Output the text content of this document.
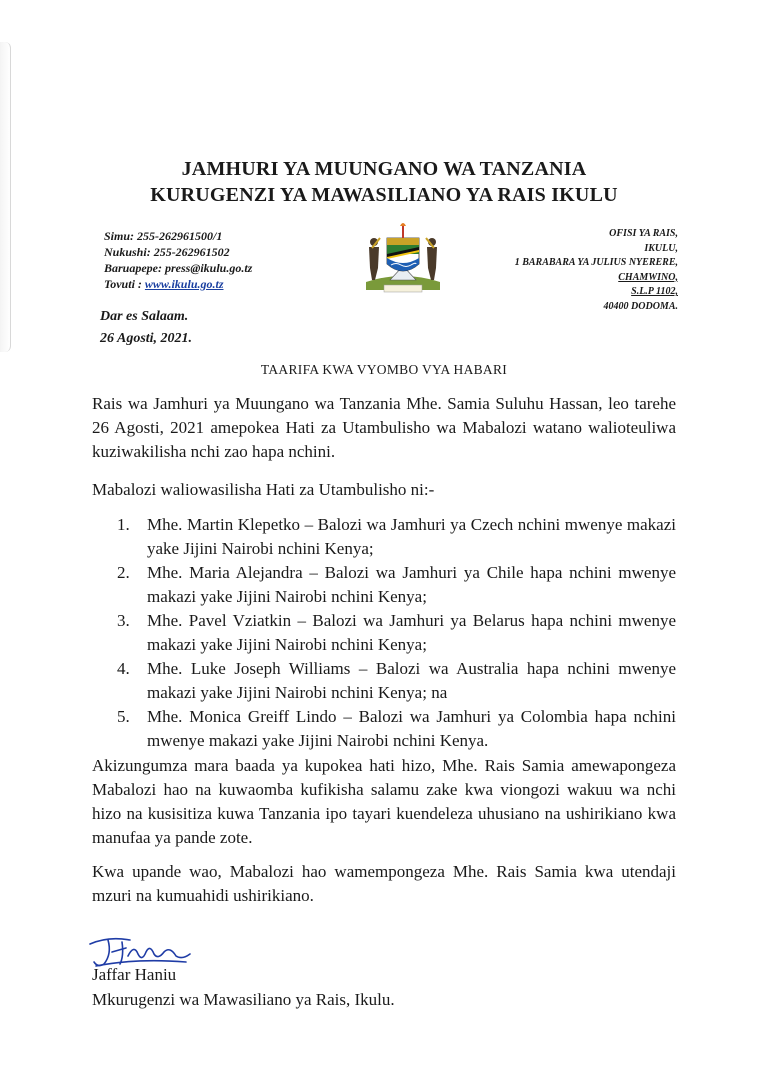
JAMHURI YA MUUNGANO WA TANZANIA
KURUGENZI YA MAWASILIANO YA RAIS IKULU
Simu: 255-262961500/1
Nukushi: 255-262961502
Baruapepe: press@ikulu.go.tz
Tovuti : www.ikulu.go.tz
OFISI YA RAIS,
IKULU,
1 BARABARA YA JULIUS NYERERE,
CHAMWINO,
S.L.P 1102,
40400 DODOMA.
Dar es Salaam.
26 Agosti, 2021.
TAARIFA KWA VYOMBO VYA HABARI

Rais wa Jamhuri ya Muungano wa Tanzania Mhe. Samia Suluhu Hassan, leo tarehe 26 Agosti, 2021 amepokea Hati za Utambulisho wa Mabalozi watano walioteuliwa kuziwakilisha nchi zao hapa nchini.

Mabalozi waliowasilisha Hati za Utambulisho ni:-

1. Mhe. Martin Klepetko – Balozi wa Jamhuri ya Czech nchini mwenye makazi yake Jijini Nairobi nchini Kenya;
2. Mhe. Maria Alejandra – Balozi wa Jamhuri ya Chile hapa nchini mwenye makazi yake Jijini Nairobi nchini Kenya;
3. Mhe. Pavel Vziatkin – Balozi wa Jamhuri ya Belarus hapa nchini mwenye makazi yake Jijini Nairobi nchini Kenya;
4. Mhe. Luke Joseph Williams – Balozi wa Australia hapa nchini mwenye makazi yake Jijini Nairobi nchini Kenya; na
5. Mhe. Monica Greiff Lindo – Balozi wa Jamhuri ya Colombia hapa nchini mwenye makazi yake Jijini Nairobi nchini Kenya.

Akizungumza mara baada ya kupokea hati hizo, Mhe. Rais Samia amewapongeza Mabalozi hao na kuwaomba kufikisha salamu zake kwa viongozi wakuu wa nchi hizo na kusisitiza kuwa Tanzania ipo tayari kuendeleza uhusiano na ushirikiano kwa manufaa ya pande zote.

Kwa upande wao, Mabalozi hao wamempongeza Mhe. Rais Samia kwa utendaji mzuri na kumuahidi ushirikiano.

Jaffar Haniu
Mkurugenzi wa Mawasiliano ya Rais, Ikulu.
